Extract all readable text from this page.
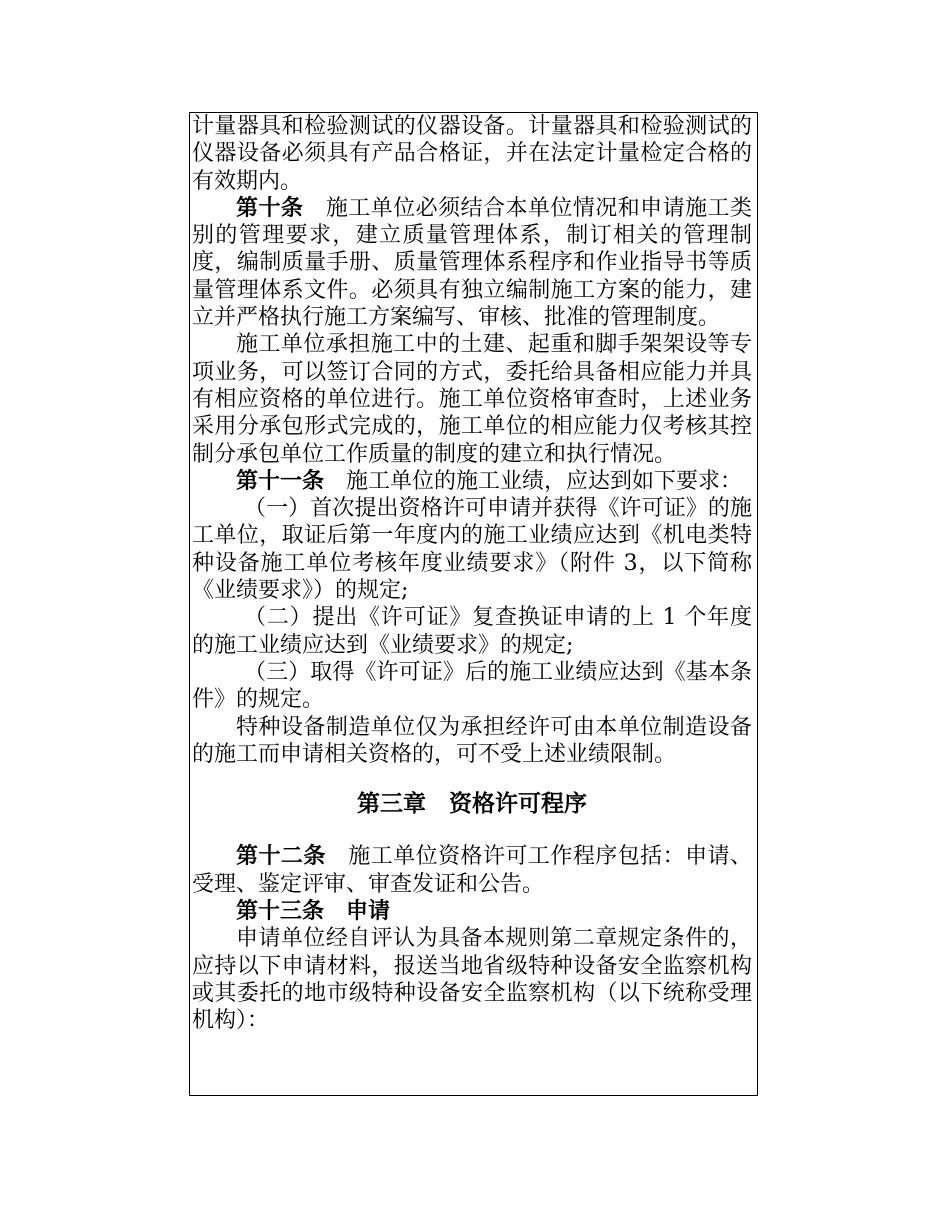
计量器具和检验测试的仪器设备。计量器具和检验测试的仪器设备必须具有产品合格证，并在法定计量检定合格的有效期内。

第十条　施工单位必须结合本单位情况和申请施工类别的管理要求，建立质量管理体系，制订相关的管理制度，编制质量手册、质量管理体系程序和作业指导书等质量管理体系文件。必须具有独立编制施工方案的能力，建立并严格执行施工方案编写、审核、批准的管理制度。

施工单位承担施工中的土建、起重和脚手架架设等专项业务，可以签订合同的方式，委托给具备相应能力并具有相应资格的单位进行。施工单位资格审查时，上述业务采用分承包形式完成的，施工单位的相应能力仅考核其控制分承包单位工作质量的制度的建立和执行情况。

第十一条　施工单位的施工业绩，应达到如下要求：

（一）首次提出资格许可申请并获得《许可证》的施工单位，取证后第一年度内的施工业绩应达到《机电类特种设备施工单位考核年度业绩要求》（附件 3，以下简称《业绩要求》）的规定;

（二）提出《许可证》复查换证申请的上 1 个年度的施工业绩应达到《业绩要求》的规定;

（三）取得《许可证》后的施工业绩应达到《基本条件》的规定。

特种设备制造单位仅为承担经许可由本单位制造设备的施工而申请相关资格的，可不受上述业绩限制。

第三章　资格许可程序

第十二条　施工单位资格许可工作程序包括：申请、受理、鉴定评审、审查发证和公告。

第十三条　申请

申请单位经自评认为具备本规则第二章规定条件的，应持以下申请材料，报送当地省级特种设备安全监察机构或其委托的地市级特种设备安全监察机构（以下统称受理机构）：
